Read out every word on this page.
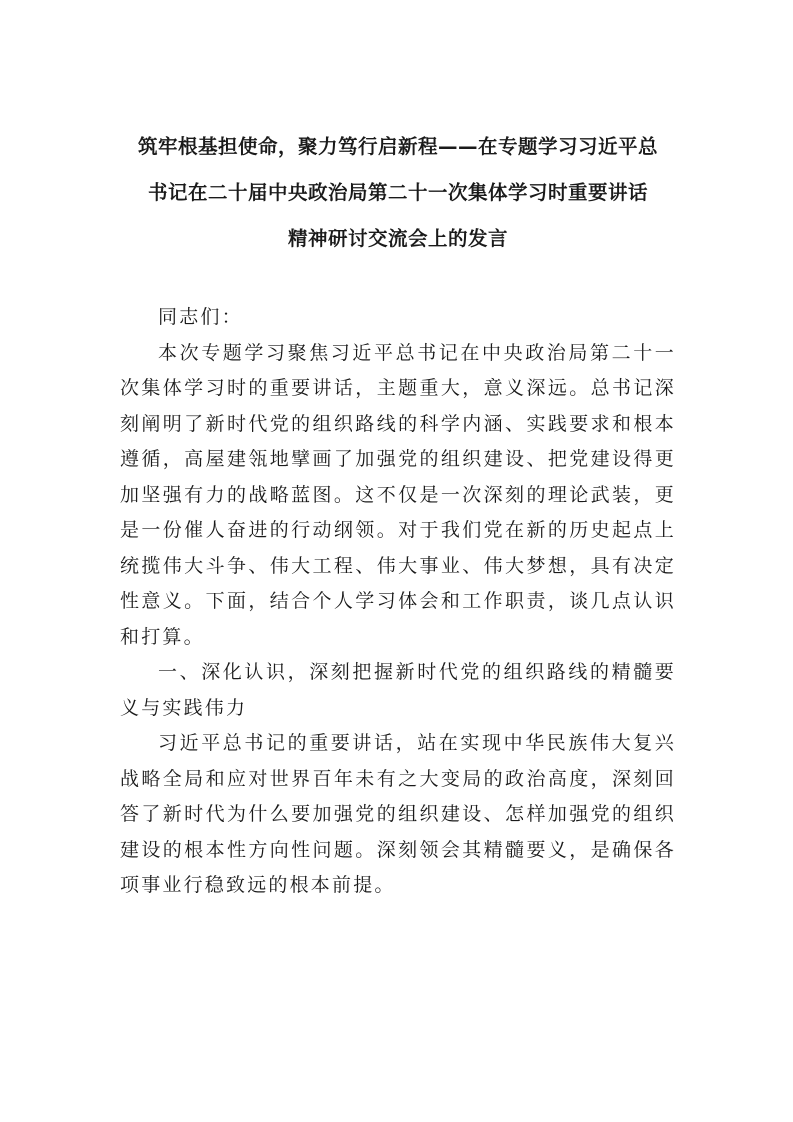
筑牢根基担使命，聚力笃行启新程——在专题学习习近平总
书记在二十届中央政治局第二十一次集体学习时重要讲话
精神研讨交流会上的发言

同志们：

本次专题学习聚焦习近平总书记在中央政治局第二十一次集体学习时的重要讲话，主题重大，意义深远。总书记深刻阐明了新时代党的组织路线的科学内涵、实践要求和根本遵循，高屋建瓴地擘画了加强党的组织建设、把党建设得更加坚强有力的战略蓝图。这不仅是一次深刻的理论武装，更是一份催人奋进的行动纲领。对于我们党在新的历史起点上统揽伟大斗争、伟大工程、伟大事业、伟大梦想，具有决定性意义。下面，结合个人学习体会和工作职责，谈几点认识和打算。

一、深化认识，深刻把握新时代党的组织路线的精髓要义与实践伟力

习近平总书记的重要讲话，站在实现中华民族伟大复兴战略全局和应对世界百年未有之大变局的政治高度，深刻回答了新时代为什么要加强党的组织建设、怎样加强党的组织建设的根本性方向性问题。深刻领会其精髓要义，是确保各项事业行稳致远的根本前提。
